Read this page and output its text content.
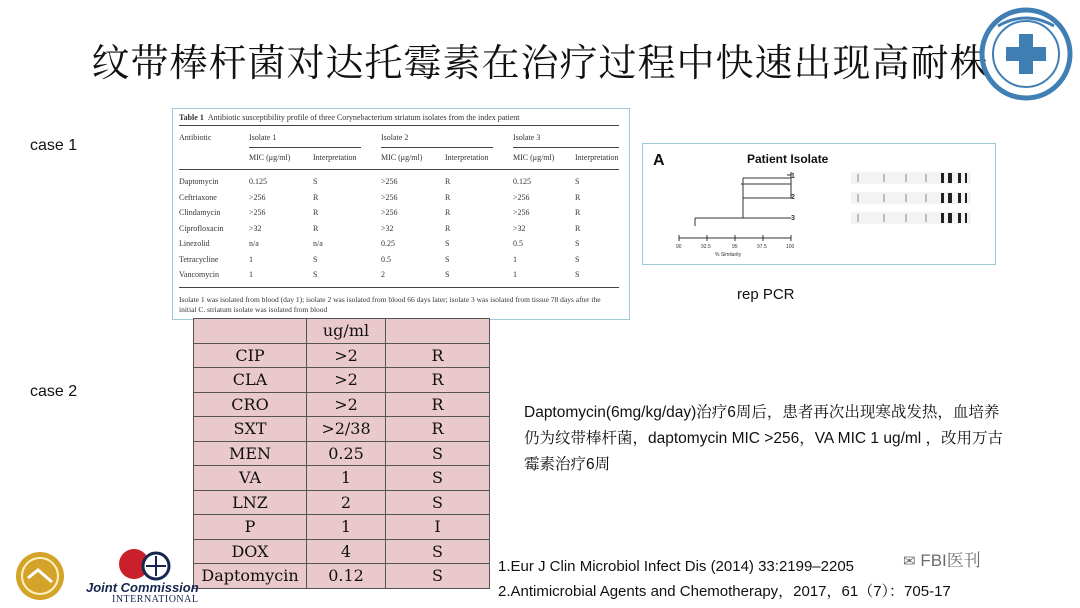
纹带棒杆菌对达托霉素在治疗过程中快速出现高耐株
case 1
case 2
Table 1 Antibiotic susceptibility profile of three Corynebacterium striatum isolates from the index patient
Antibiotic	Isolate 1	Isolate 2	Isolate 3
MIC (μg/ml)	Interpretation	MIC (μg/ml)	Interpretation	MIC (μg/ml)	Interpretation
Daptomycin	0.125	S	>256	R	0.125	S
Ceftriaxone	>256	R	>256	R	>256	R
Clindamycin	>256	R	>256	R	>256	R
Ciprofloxacin	>32	R	>32	R	>32	R
Linezolid	n/a	n/a	0.25	S	0.5	S
Tetracycline	1	S	0.5	S	1	S
Vancomycin	1	S	2	S	1	S
Isolate 1 was isolated from blood (day 1); isolate 2 was isolated from blood 66 days later; isolate 3 was isolated from tissue 78 days after the initial C. striatum isolate was isolated from blood
A	Patient Isolate
90	92.5	95	97.5	100
% Similarity
1
2
3
rep PCR
	ug/ml	
CIP	>2	R
CLA	>2	R
CRO	>2	R
SXT	>2/38	R
MEN	0.25	S
VA	1	S
LNZ	2	S
P	1	I
DOX	4	S
Daptomycin	0.12	S
Daptomycin(6mg/kg/day)治疗6周后，患者再次出现寒战发热，血培养仍为纹带棒杆菌，daptomycin MIC >256，VA MIC 1 ug/ml ，改用万古霉素治疗6周
1.Eur J Clin Microbiol Infect Dis (2014) 33:2199–2205
2.Antimicrobial Agents and Chemotherapy，2017，61（7）：705-17
✉ FBI医刊
Joint Commission
INTERNATIONAL
